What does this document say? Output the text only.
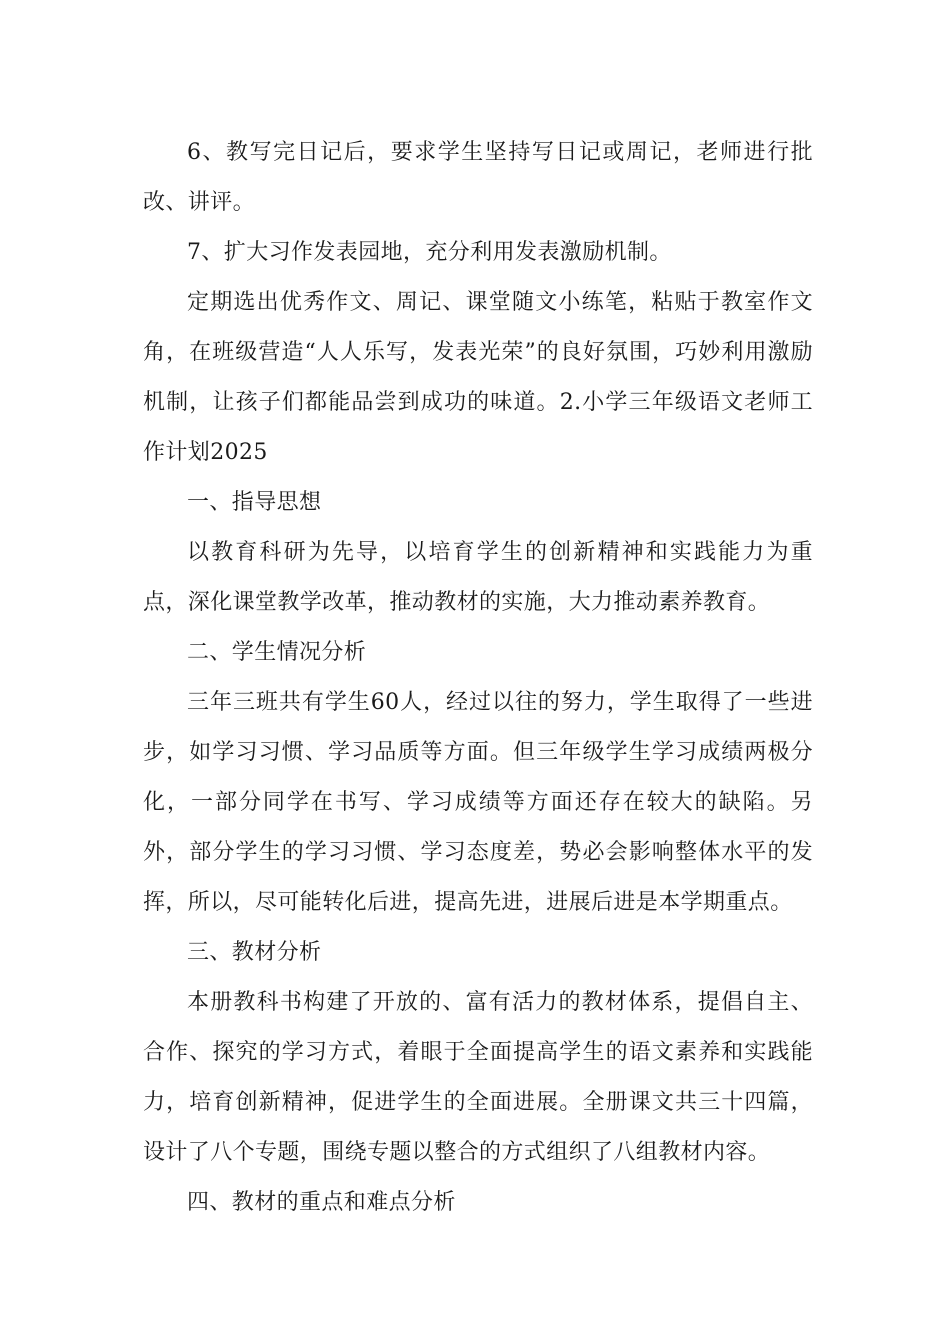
6、教写完日记后，要求学生坚持写日记或周记，老师进行批改、讲评。

7、扩大习作发表园地，充分利用发表激励机制。

定期选出优秀作文、周记、课堂随文小练笔，粘贴于教室作文角，在班级营造“人人乐写，发表光荣”的良好氛围，巧妙利用激励机制，让孩子们都能品尝到成功的味道。2.小学三年级语文老师工作计划2025

一、指导思想

以教育科研为先导，以培育学生的创新精神和实践能力为重点，深化课堂教学改革，推动教材的实施，大力推动素养教育。

二、学生情况分析

三年三班共有学生60人，经过以往的努力，学生取得了一些进步，如学习习惯、学习品质等方面。但三年级学生学习成绩两极分化，一部分同学在书写、学习成绩等方面还存在较大的缺陷。另外，部分学生的学习习惯、学习态度差，势必会影响整体水平的发挥，所以，尽可能转化后进，提高先进，进展后进是本学期重点。

三、教材分析

本册教科书构建了开放的、富有活力的教材体系，提倡自主、合作、探究的学习方式，着眼于全面提高学生的语文素养和实践能力，培育创新精神，促进学生的全面进展。全册课文共三十四篇，设计了八个专题，围绕专题以整合的方式组织了八组教材内容。

四、教材的重点和难点分析
